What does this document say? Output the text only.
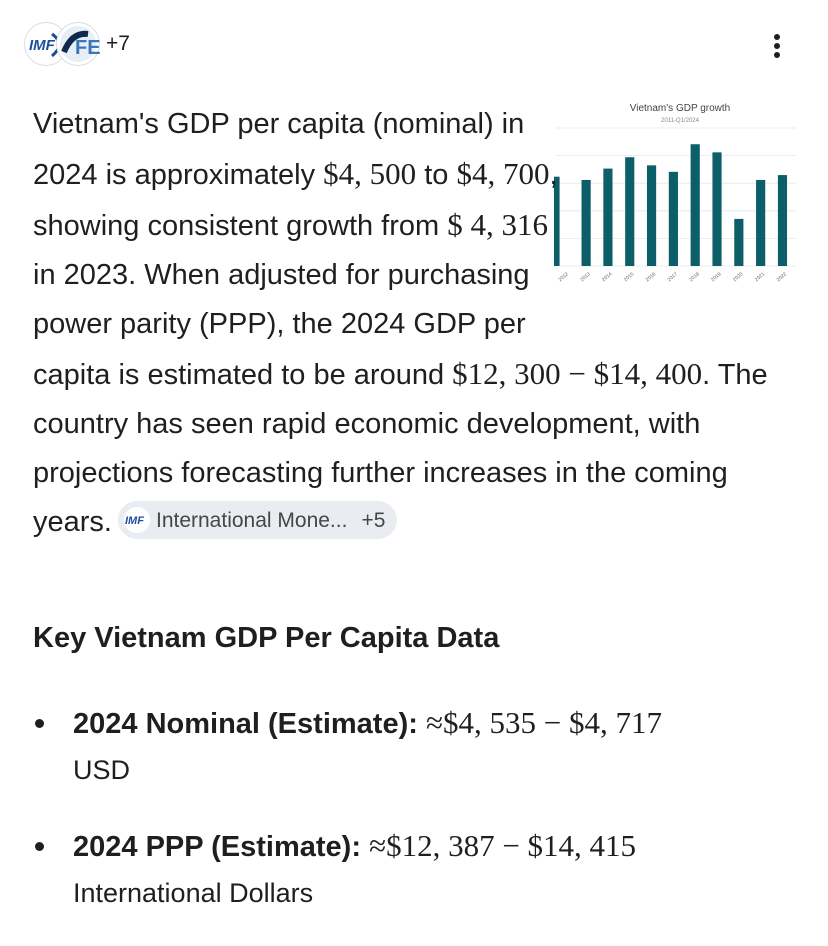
IMF FE +7
Vietnam's GDP growth
2011-Q1/2024
2012 2013 2014 2015 2016 2017 2018 2019 2020 2021 2022

Vietnam's GDP per capita (nominal) in 2024 is approximately $4, 500 to $4, 700, showing consistent growth from $ 4, 316 in 2023. When adjusted for purchasing power parity (PPP), the 2024 GDP per capita is estimated to be around $12, 300 − $14, 400. The country has seen rapid economic development, with projections forecasting further increases in the coming years. IMF International Mone... +5

Key Vietnam GDP Per Capita Data
2024 Nominal (Estimate): ≈$4, 535 − $4, 717
USD
2024 PPP (Estimate): ≈$12, 387 − $14, 415
International Dollars
